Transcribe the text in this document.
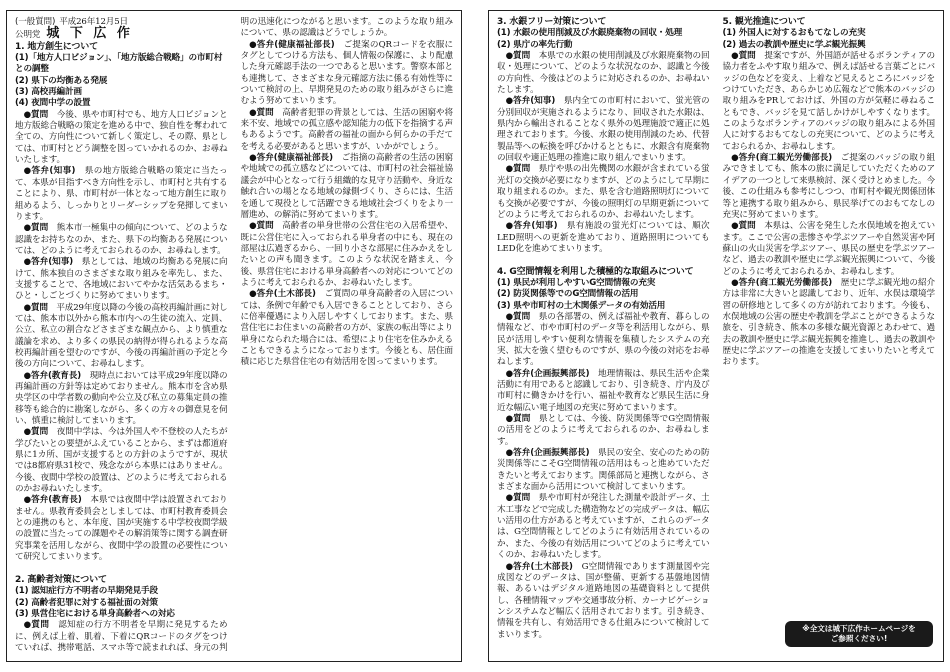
(一般質問) 平成26年12月5日
公明党 城 下 広 作
1. 地方創生について
(1)「地方人口ビジョン」、「地方版総合戦略」の市町村との調整
(2) 県下の均衡ある発展
(3) 高校再編計画
(4) 夜間中学の設置
●質問　 今後、県や市町村でも、地方人口ビジョンと地方版総合戦略の策定を進める中で、独自性を奪われて全ての、方向性について新しく策定し、その際、県としては、市町村とどう調整を図っていかれるのか、お尋ねいたします。
●答弁(知事)　 県の地方版総合戦略の策定に当たって、本県が目指すべき方向性を示し、市町村と共有することにより、県、市町村が一体となって地方創生に取り組めるよう、しっかりとリーダーシップを発揮してまいります。
●質問　 熊本市一極集中の傾向について、どのような認識をお持ちなのか、また、県下の均衡ある発展については、どのように考えておられるのか、お尋ねします。
●答弁(知事)　 県としては、地域の均衡ある発展に向けて、熊本独自のさまざまな取り組みを率先し、また、支援することで、各地域においてやかな活気あるまち・ひと・しごとづくりに努めてまいります。
●質問　 平成29年度以降の今後の高校再編計画に対しては、熊本市以外から熊本市内への生徒の流入、定員、公立、私立の割合などさまざまな観点から、より慎重な議論を求め、より多くの県民の納得が得られるような高校再編計画を望むのですが、今後の再編計画の予定と今後の方向について、お尋ねします。
●答弁(教育長)　 現時点においては平成29年度以降の再編計画の方針等は定めておりません。熊本市を含め県央学区の中学者数の動向や公立及び私立の募集定員の推移等も総合的に勘案しながら、多くの方々の御意見を伺い、慎重に検討してまいります。
●質問　 夜間中学は、今は外国人や不登校の人たちが学びたいとの要望がふえていることから、まずは都道府県に1カ所、国が支援するとの方針のようですが、現状では8都府県31校で、残念ながら本県にはありません。今後、夜間中学校の設置は、どのように考えておられるのかお尋ねいたします。
●答弁(教育長)　 本県では夜間中学は設置されておりません。県教育委員会としましては、市町村教育委員会との連携のもと、本年度、国が実施する中学校夜間学級の設置に当たっての課題やその解消策等に関する調査研究事業を活用しながら、夜間中学の設置の必要性について研究してまいります。
2. 高齢者対策について
(1) 認知症行方不明者の早期発見手段
(2) 高齢者犯罪に対する福祉面の対策
(3) 県営住宅における単身高齢者への対応
●質問　 認知症の行方不明者を早期に発見するために、例えば上着、肌着、下着にQRコードのタグをつけていれば、携帯電話、スマホ等で読まれれば、身元の判明の迅速化につながると思います。このような取り組みについて、県の認識はどうでしょうか。
●答弁(健康福祉部長)　 ご提案のQRコードを衣服にタグとしてつける方法も、個人情報の保護に、より配慮した身元確認手法の一つであると思います。警察本部とも連携して、さまざまな身元確認方法に係る有効性等について検討の上、早期発見のための取り組みがさらに進むよう努めてまいります。
●質問　 高齢者犯罪の背景としては、生活の困窮や将来不安、地域での孤立感や認知能力の低下を指摘する声もあるようです。高齢者の福祉の面から何らかの手だてを考える必要があると思いますが、いかがでしょう。
●答弁(健康福祉部長)　 ご指摘の高齢者の生活の困窮や地域での孤立感などについては、市町村の社会福祉協議会が中心となって行う組織的な見守り活動や、身近な触れ合いの場となる地域の縁側づくり、さらには、生活を通して現役として活躍できる地域社会づくりをより一層進め、の解消に努めてまいります。
●質問　 高齢者の単身世帯の公営住宅の入居希望や、既に公営住宅に入っておられる単身者の中にも、現在の部屋は広過ぎるから、一回り小さな部屋に住みかえをしたいとの声も聞きます。このような状況を踏まえ、今後、県営住宅における単身高齢者への対応についてどのように考えておられるか、お尋ねいたします。
●答弁(土木部長)　 ご質問の単身高齢者の入居については、条例で年齢でも入居できることとしており、さらに倍率優遇により入居しやすくしております。また、県営住宅にお住まいの高齢者の方が、家族の転出等により単身になられた場合には、希望により住宅を住みかえることもできるようになっております。今後とも、居住面積に応じた県営住宅の有効活用を図ってまいります。
3. 水銀フリー対策について
(1) 水銀の使用削減及び水銀廃棄物の回収・処理
(2) 県庁の率先行動
●質問　 本県での水銀の使用削減及び水銀廃棄物の回収・処理について、どのような状況なのか、認識と今後の方向性、今後はどのように対応されるのか、お尋ねいたします。
●答弁(知事)　 県内全ての市町村において、蛍光管の分別回収が実施されるようになり、回収された水銀は、県内から輸出されることなく県外の処理施設で適正に処理されております。今後、水銀の使用削減のため、代替製品等への転換を呼びかけるとともに、水銀含有廃棄物の回収や適正処理の推進に取り組んでまいります。
●質問　 県庁や県の出先機関の水銀が含まれている蛍光灯の交換が必要になりますが、どのようにして早期に取り組まれるのか。また、県を含む道路照明灯についても交換が必要ですが、今後の照明灯の早期更新についてどのように考えておられるのか、お尋ねいたします。
●答弁(知事)　 県有施設の蛍光灯については、順次LED照明への更新を進めており、道路照明についてもLED化を進めてまいります。
4. G空間情報を利用した積極的な取組みについて
(1) 県民が利用しやすいG空間情報の充実
(2) 防災関係等でのG空間情報の活用
(3) 県や市町村の土木関係データの有効活用
●質問　 県の各部署の、例えば福祉や教育、暮らしの情報など、市や市町村のデータ等を利活用しながら、県民が活用しやすい便利な情報を集積したシステムの充実、拡大を強く望むものですが、県の今後の対応をお尋ねします。
●答弁(企画振興部長)　 地理情報は、県民生活や企業活動に有用であると認識しており、引き続き、庁内及び市町村に働きかけを行い、福祉や教育など県民生活に身近な幅広い電子地図の充実に努めてまいります。
●質問　 県としては、今後、防災関係等でG空間情報の活用をどのように考えておられるのか、お尋ねします。
●答弁(企画振興部長)　 県民の安全、安心のための防災関係等にこそG空間情報の活用はもっと進めていただきたいと考えております。関係部局と連携しながら、さまざまな面から活用について検討してまいります。
●質問　 県や市町村が発注した測量や設計データ、土木工事などで完成した構造物などの完成データは、幅広い活用の仕方があると考えていますが、これらのデータは、G空間情報としてどのように有効活用されているのか、また、今後の有効活用についてどのように考えていくのか、お尋ねいたします。
●答弁(土木部長)　 G空間情報であります測量図や完成図などのデータは、国が整備、更新する基盤地図情報、あるいはデジタル道路地図の基礎資料として提供し、各種情報マップや交通事故分析、カーナビゲーションシステムなど幅広く活用されております。引き続き、情報を共有し、有効活用できる仕組みについて検討してまいります。
5. 観光推進について
(1) 外国人に対するおもてなしの充実
(2) 過去の教訓や歴史に学ぶ観光振興
●質問　 提案ですが、外国語が話せるボランティアの協力者をふやす取り組みで、例えば話せる言葉ごとにバッジの色などを変え、上着など見えるところにバッジをつけていただき、あらかじめ広報などで熊本のバッジの取り組みをPRしておけば、外国の方が気軽に尋ねることもでき、バッジを見て話しかけがしやすくなります。このようなボランティアのバッジの取り組みによる外国人に対するおもてなしの充実について、どのように考えておられるか、お尋ねします。
●答弁(商工観光労働部長)　 ご提案のバッジの取り組みできましても、熊本の旅に満足していただくためのアイデアの一つとして来県検討、深く受けとめました。今後、この仕組みも参考にしつつ、市町村や観光関係団体等と連携する取り組みから、県民挙げてのおもてなしの充実に努めてまいります。
●質問　 本県は、公害を発生した水俣地域を抱えています。ここで公害の悲惨さや学ぶツアーや自然災害や阿蘇山の火山災害を学ぶツアー、県民の歴史を学ぶツアーなど、過去の教訓や歴史に学ぶ観光振興について、今後どのように考えておられるか、お尋ねします。
●答弁(商工観光労働部長)　 歴史に学ぶ観光地の紹介方は非常に大きいと認識しており、近年、水俣は環境学習の研修地として多くの方が訪れております。今後も、水俣地域の公害の歴史や教訓を学ぶことができるような旅を、引き続き、熊本の多様な観光資源とあわせて、過去の教訓や歴史に学ぶ観光振興を推進し、過去の教訓や歴史に学ぶツアーの推進を支援してまいりたいと考えております。
※全文は城下広作ホームページを
ご参照ください!
